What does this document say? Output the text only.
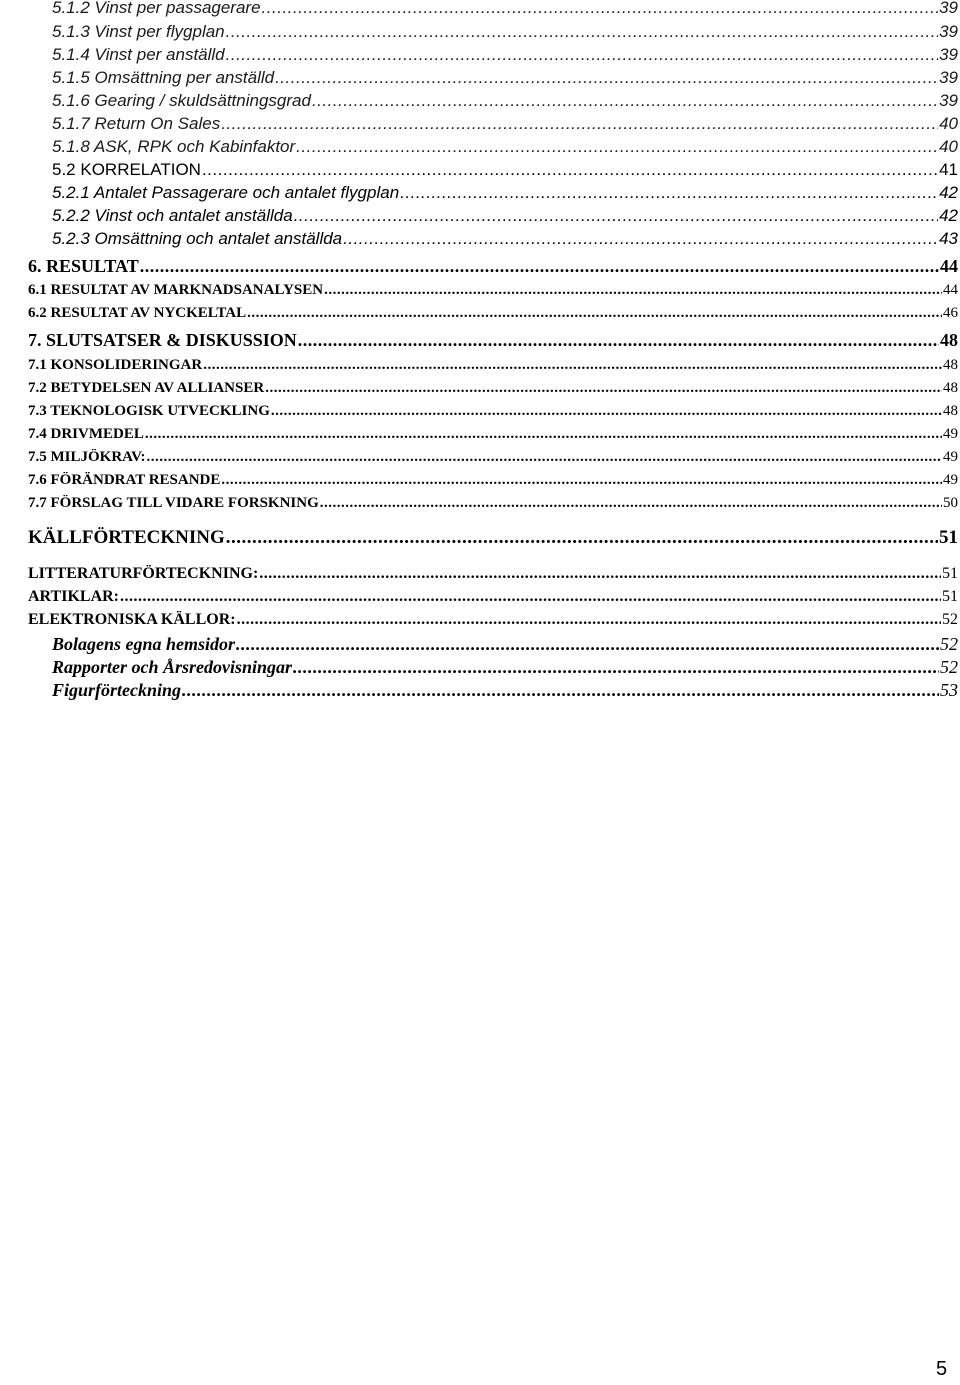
5.1.2 Vinst per passagerare .....	39
5.1.3 Vinst per flygplan .....	39
5.1.4 Vinst per anställd .....	39
5.1.5 Omsättning per anställd .....	39
5.1.6 Gearing / skuldsättningsgrad .....	39
5.1.7 Return On Sales .....	40
5.1.8 ASK, RPK och Kabinfaktor .....	40
5.2 KORRELATION .....	41
5.2.1 Antalet Passagerare och antalet flygplan .....	42
5.2.2 Vinst och antalet anställda .....	42
5.2.3 Omsättning och antalet anställda .....	43
6. RESULTAT .....	44
6.1 RESULTAT AV MARKNADSANALYSEN .....	44
6.2 RESULTAT AV NYCKELTAL .....	46
7. SLUTSATSER & DISKUSSION .....	48
7.1 KONSOLIDERINGAR .....	48
7.2 BETYDELSEN AV ALLIANSER .....	48
7.3 TEKNOLOGISK UTVECKLING .....	48
7.4 DRIVMEDEL .....	49
7.5 MILJÖKRAV: .....	49
7.6 FÖRÄNDRAT RESANDE .....	49
7.7 FÖRSLAG TILL VIDARE FORSKNING .....	50
KÄLLFÖRTECKNING .....	51
LITTERATURFÖRTECKNING: .....	51
ARTIKLAR: .....	51
ELEKTRONISKA KÄLLOR: .....	52
Bolagens egna hemsidor .....	52
Rapporter och Årsredovisningar .....	52
Figurförteckning .....	53
5
